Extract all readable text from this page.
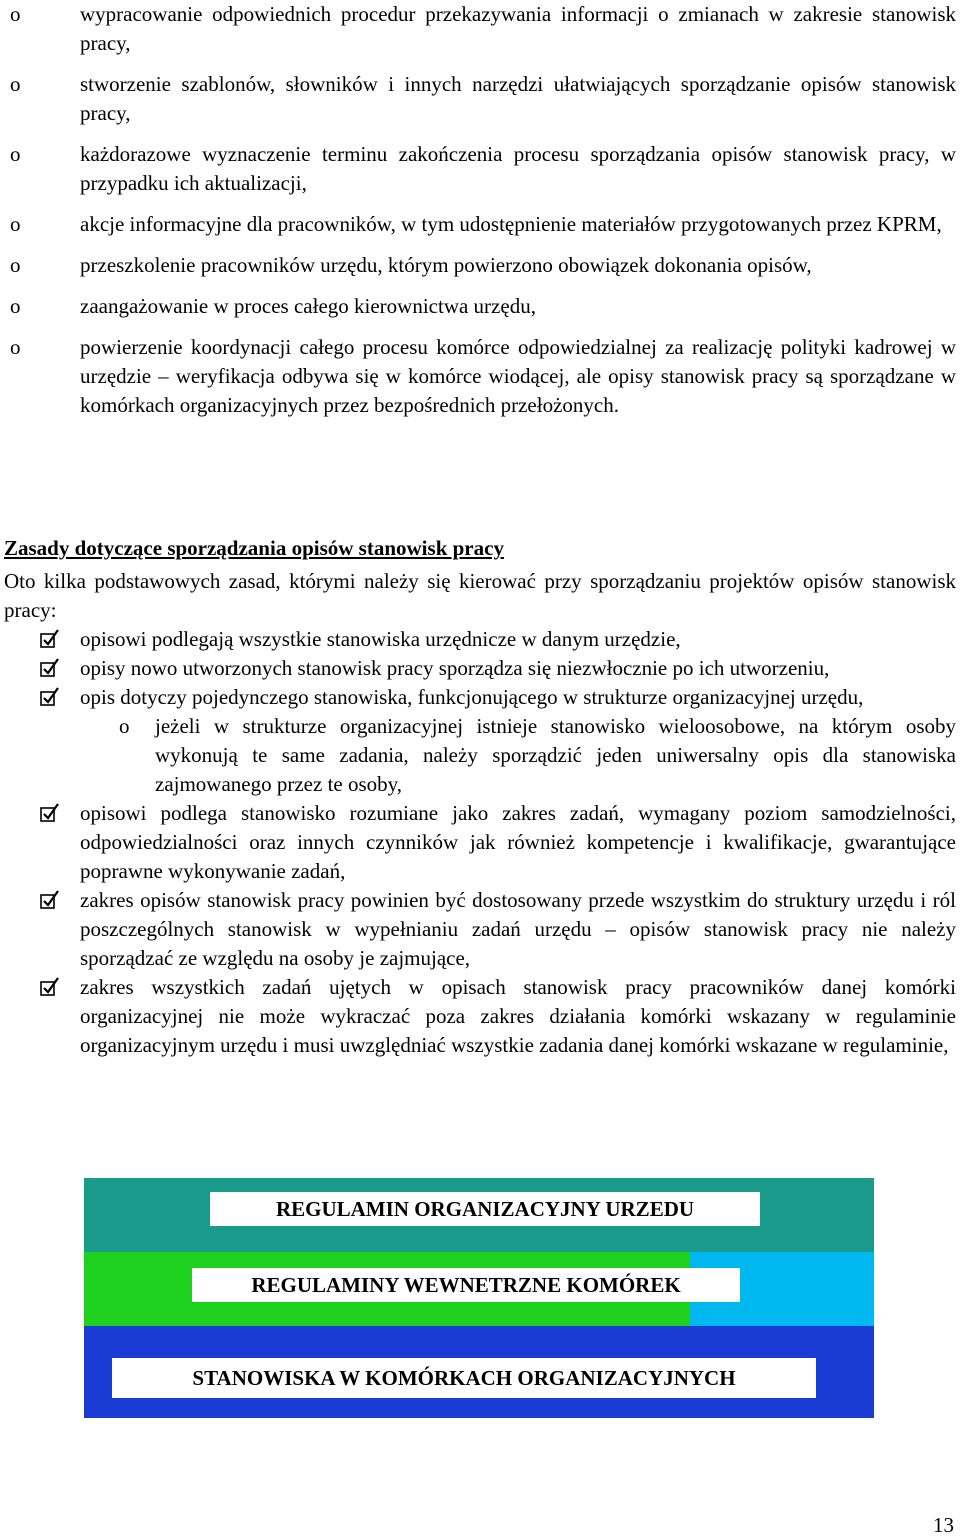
o	wypracowanie odpowiednich procedur przekazywania informacji o zmianach w zakresie stanowisk pracy,
o	stworzenie szablonów, słowników i innych narzędzi ułatwiających sporządzanie opisów stanowisk pracy,
o	każdorazowe wyznaczenie terminu zakończenia procesu sporządzania opisów stanowisk pracy, w przypadku ich aktualizacji,
o	akcje informacyjne dla pracowników, w tym udostępnienie materiałów przygotowanych przez KPRM,
o	przeszkolenie pracowników urzędu, którym powierzono obowiązek dokonania opisów,
o	zaangażowanie w proces całego kierownictwa urzędu,
o	powierzenie koordynacji całego procesu komórce odpowiedzialnej za realizację polityki kadrowej w urzędzie – weryfikacja odbywa się w komórce wiodącej, ale opisy stanowisk pracy są sporządzane w komórkach organizacyjnych przez bezpośrednich przełożonych.
Zasady dotyczące sporządzania opisów stanowisk pracy

Oto kilka podstawowych zasad, którymi należy się kierować przy sporządzaniu projektów opisów stanowisk pracy:

opisowi podlegają wszystkie stanowiska urzędnicze w danym urzędzie,
opisy nowo utworzonych stanowisk pracy sporządza się niezwłocznie po ich utworzeniu,
opis dotyczy pojedynczego stanowiska, funkcjonującego w strukturze organizacyjnej urzędu,
o jeżeli w strukturze organizacyjnej istnieje stanowisko wieloosobowe, na którym osoby wykonują te same zadania, należy sporządzić jeden uniwersalny opis dla stanowiska zajmowanego przez te osoby,
opisowi podlega stanowisko rozumiane jako zakres zadań, wymagany poziom samodzielności, odpowiedzialności oraz innych czynników jak również kompetencje i kwalifikacje, gwarantujące poprawne wykonywanie zadań,
zakres opisów stanowisk pracy powinien być dostosowany przede wszystkim do struktury urzędu i ról poszczególnych stanowisk w wypełnianiu zadań urzędu – opisów stanowisk pracy nie należy sporządzać ze względu na osoby je zajmujące,
zakres wszystkich zadań ujętych w opisach stanowisk pracy pracowników danej komórki organizacyjnej nie może wykraczać poza zakres działania komórki wskazany w regulaminie organizacyjnym urzędu i musi uwzględniać wszystkie zadania danej komórki wskazane w regulaminie,
REGULAMIN ORGANIZACYJNY URZEDU
REGULAMINY WEWNETRZNE KOMÓREK
STANOWISKA W KOMÓRKACH ORGANIZACYJNYCH
13
